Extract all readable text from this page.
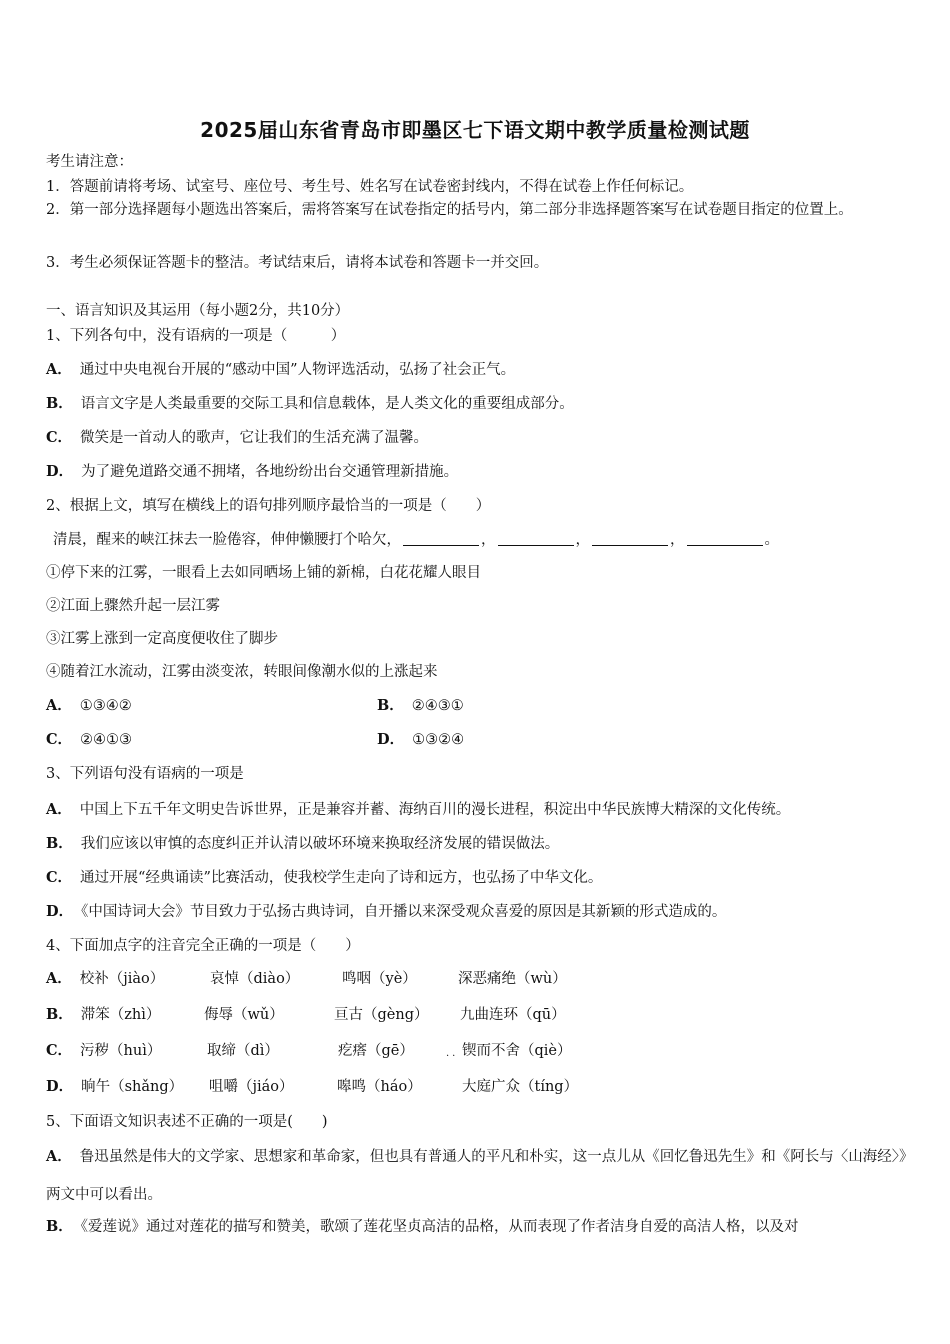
2025届山东省青岛市即墨区七下语文期中教学质量检测试题
考生请注意：
1．答题前请将考场、试室号、座位号、考生号、姓名写在试卷密封线内，不得在试卷上作任何标记。
2．第一部分选择题每小题选出答案后，需将答案写在试卷指定的括号内，第二部分非选择题答案写在试卷题目指定的位置上。
3．考生必须保证答题卡的整洁。考试结束后，请将本试卷和答题卡一并交回。
一、语言知识及其运用（每小题2分，共10分）
1、下列各句中，没有语病的一项是（　　　）
A． 通过中央电视台开展的“感动中国”人物评选活动，弘扬了社会正气。
B． 语言文字是人类最重要的交际工具和信息载体，是人类文化的重要组成部分。
C． 微笑是一首动人的歌声，它让我们的生活充满了温馨。
D． 为了避免道路交通不拥堵，各地纷纷出台交通管理新措施。
2、根据上文，填写在横线上的语句排列顺序最恰当的一项是（　　）
清晨，醒来的峡江抹去一脸倦容，伸伸懒腰打个哈欠，	，	，	，	。
①停下来的江雾，一眼看上去如同晒场上铺的新棉，白花花耀人眼目
②江面上骤然升起一层江雾
③江雾上涨到一定高度便收住了脚步
④随着江水流动，江雾由淡变浓，转眼间像潮水似的上涨起来
A． ①③④②	B． ②④③①
C． ②④①③	D． ①③②④
3、下列语句没有语病的一项是
A． 中国上下五千年文明史告诉世界，正是兼容并蓄、海纳百川的漫长进程，积淀出中华民族博大精深的文化传统。
B． 我们应该以审慎的态度纠正并认清以破坏环境来换取经济发展的错误做法。
C． 通过开展“经典诵读”比赛活动，使我校学生走向了诗和远方，也弘扬了中华文化。
D． 《中国诗词大会》节目致力于弘扬古典诗词，自开播以来深受观众喜爱的原因是其新颖的形式造成的。
4、下面加点字的注音完全正确的一项是（　　）
A． 校补（jiào）	哀悼（diào）	鸣咽（yè）	深恶痛绝（wù）
B． 滞笨（zhì）	侮辱（wǔ）	亘古（gèng） 九曲连环（qū）
C． 污秽（huì）	取缔（dì）	疙瘩（gē）	.. 锲而不舍（qiè）
D． 晌午（shǎng） 咀嚼（jiáo）	嗥鸣（háo）	大庭广众（tíng）
5、下面语文知识表述不正确的一项是(　　)
A． 鲁迅虽然是伟大的文学家、思想家和革命家，但也具有普通人的平凡和朴实，这一点儿从《回忆鲁迅先生》和《阿长与〈山海经〉》两文中可以看出。
B． 《爱莲说》通过对莲花的描写和赞美，歌颂了莲花坚贞高洁的品格，从而表现了作者洁身自爱的高洁人格，以及对
